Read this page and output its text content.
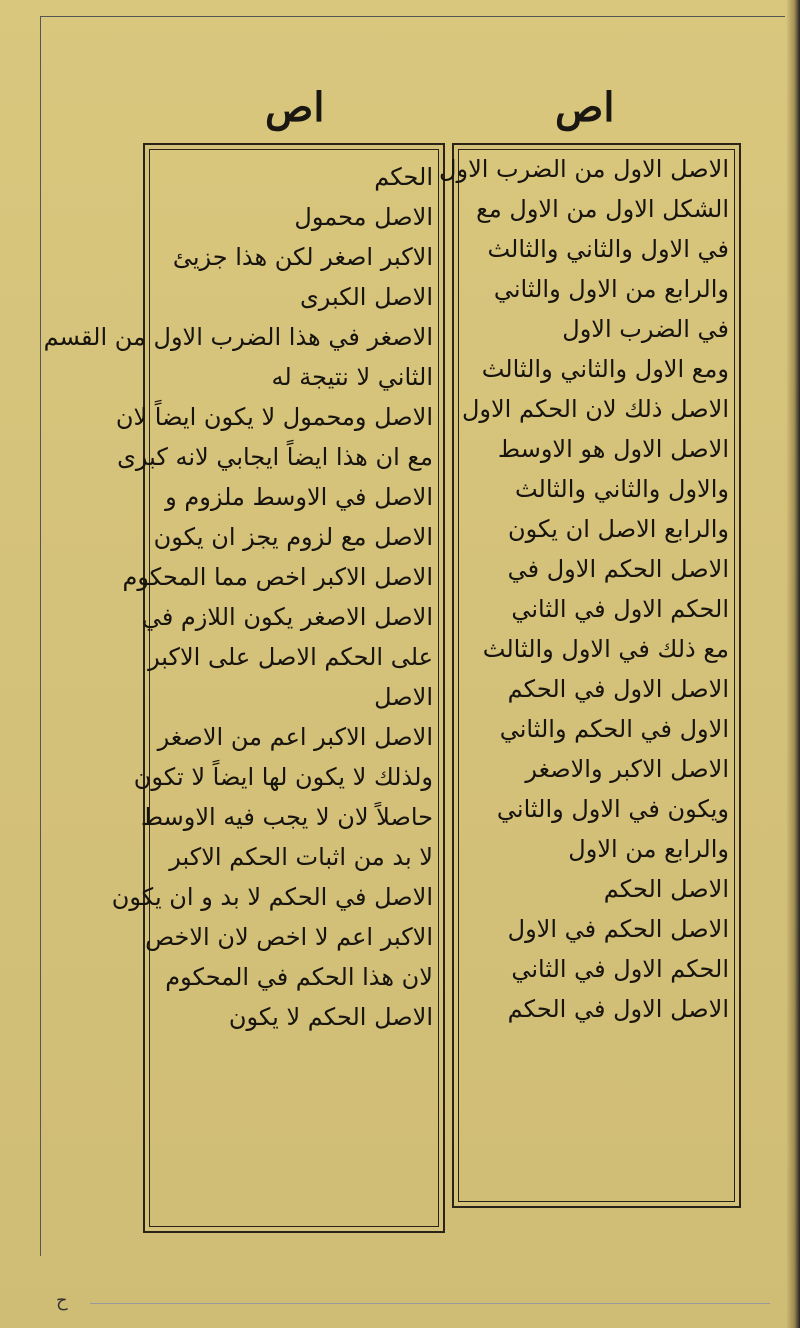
اص	اص
الحكم
الاصل محمول
الاكبر اصغر لكن هذا جزيئ
الاصل الكبرى
الاصغر في هذا الضرب الاول من القسم
الثاني لا نتيجة له
الاصل ومحمول لا يكون ايضاً لان
مع ان هذا ايضاً ايجابي لانه كبرى
الاصل في الاوسط ملزوم و
الاصل مع لزوم يجز ان يكون
الاصل الاكبر اخص مما المحكوم
الاصل الاصغر يكون اللازم في
على الحكم الاصل على الاكبر
الاصل
الاصل الاكبر اعم من الاصغر
ولذلك لا يكون لها ايضاً لا تكون
حاصلاً لان لا يجب فيه الاوسط
لا بد من اثبات الحكم الاكبر
الاصل في الحكم لا بد و ان يكون
الاكبر اعم لا اخص لان الاخص
لان هذا الحكم في المحكوم
الاصل الحكم لا يكون
الاصل الاول من الضرب الاول
الشكل الاول من الاول مع
في الاول والثاني والثالث
والرابع من الاول والثاني
في الضرب الاول
ومع الاول والثاني والثالث
الاصل ذلك لان الحكم الاول
الاصل الاول هو الاوسط
والاول والثاني والثالث
والرابع الاصل ان يكون
الاصل الحكم الاول في
الحكم الاول في الثاني
مع ذلك في الاول والثالث
الاصل الاول في الحكم
الاول في الحكم والثاني
الاصل الاكبر والاصغر
ويكون في الاول والثاني
والرابع من الاول
الاصل الحكم
الاصل الحكم في الاول
الحكم الاول في الثاني
الاصل الاول في الحكم
ﺡ
